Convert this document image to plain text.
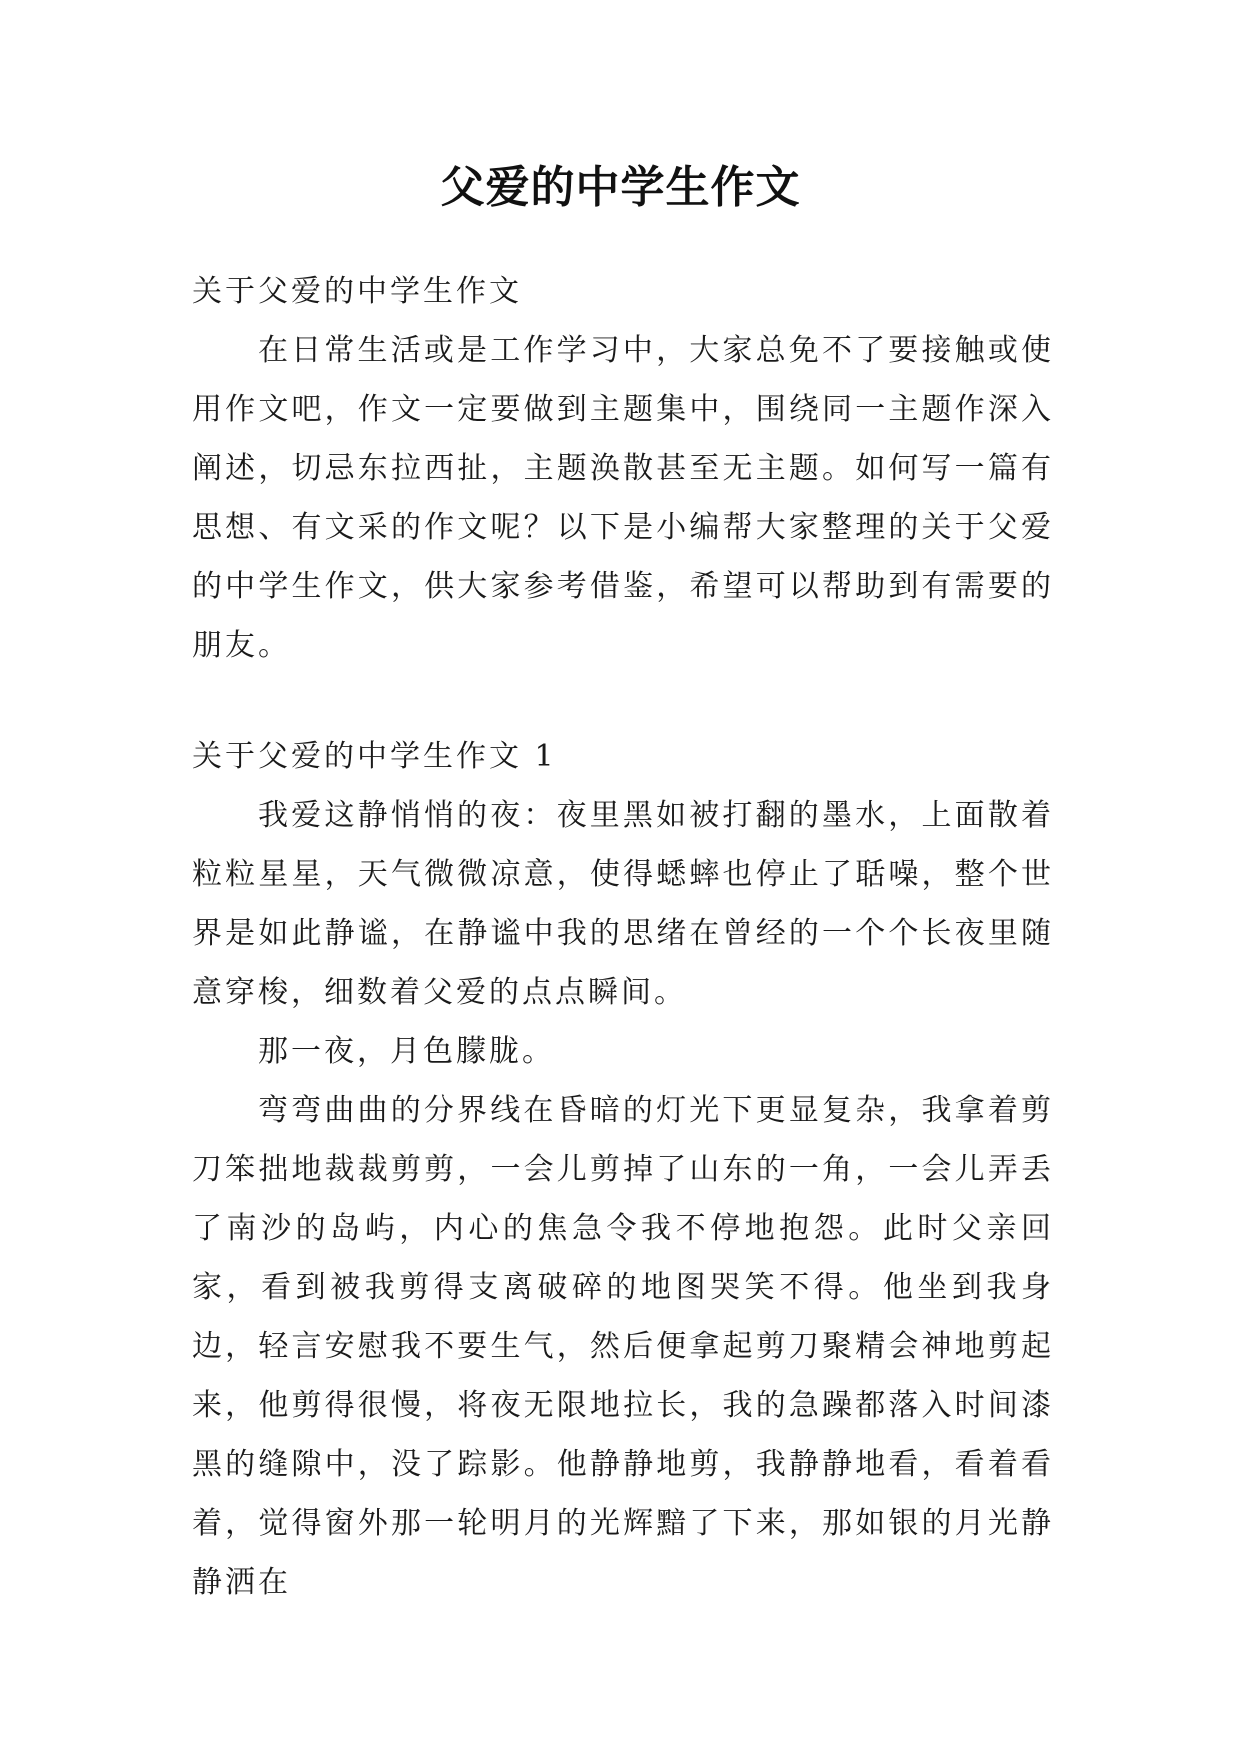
父爱的中学生作文

关于父爱的中学生作文

在日常生活或是工作学习中，大家总免不了要接触或使用作文吧，作文一定要做到主题集中，围绕同一主题作深入阐述，切忌东拉西扯，主题涣散甚至无主题。如何写一篇有思想、有文采的作文呢？以下是小编帮大家整理的关于父爱的中学生作文，供大家参考借鉴，希望可以帮助到有需要的朋友。

关于父爱的中学生作文 1

我爱这静悄悄的夜：夜里黑如被打翻的墨水，上面散着粒粒星星，天气微微凉意，使得蟋蟀也停止了聒噪，整个世界是如此静谧，在静谧中我的思绪在曾经的一个个长夜里随意穿梭，细数着父爱的点点瞬间。

那一夜，月色朦胧。

弯弯曲曲的分界线在昏暗的灯光下更显复杂，我拿着剪刀笨拙地裁裁剪剪，一会儿剪掉了山东的一角，一会儿弄丢了南沙的岛屿，内心的焦急令我不停地抱怨。此时父亲回家，看到被我剪得支离破碎的地图哭笑不得。他坐到我身边，轻言安慰我不要生气，然后便拿起剪刀聚精会神地剪起来，他剪得很慢，将夜无限地拉长，我的急躁都落入时间漆黑的缝隙中，没了踪影。他静静地剪，我静静地看，看着看着，觉得窗外那一轮明月的光辉黯了下来，那如银的月光静静洒在
